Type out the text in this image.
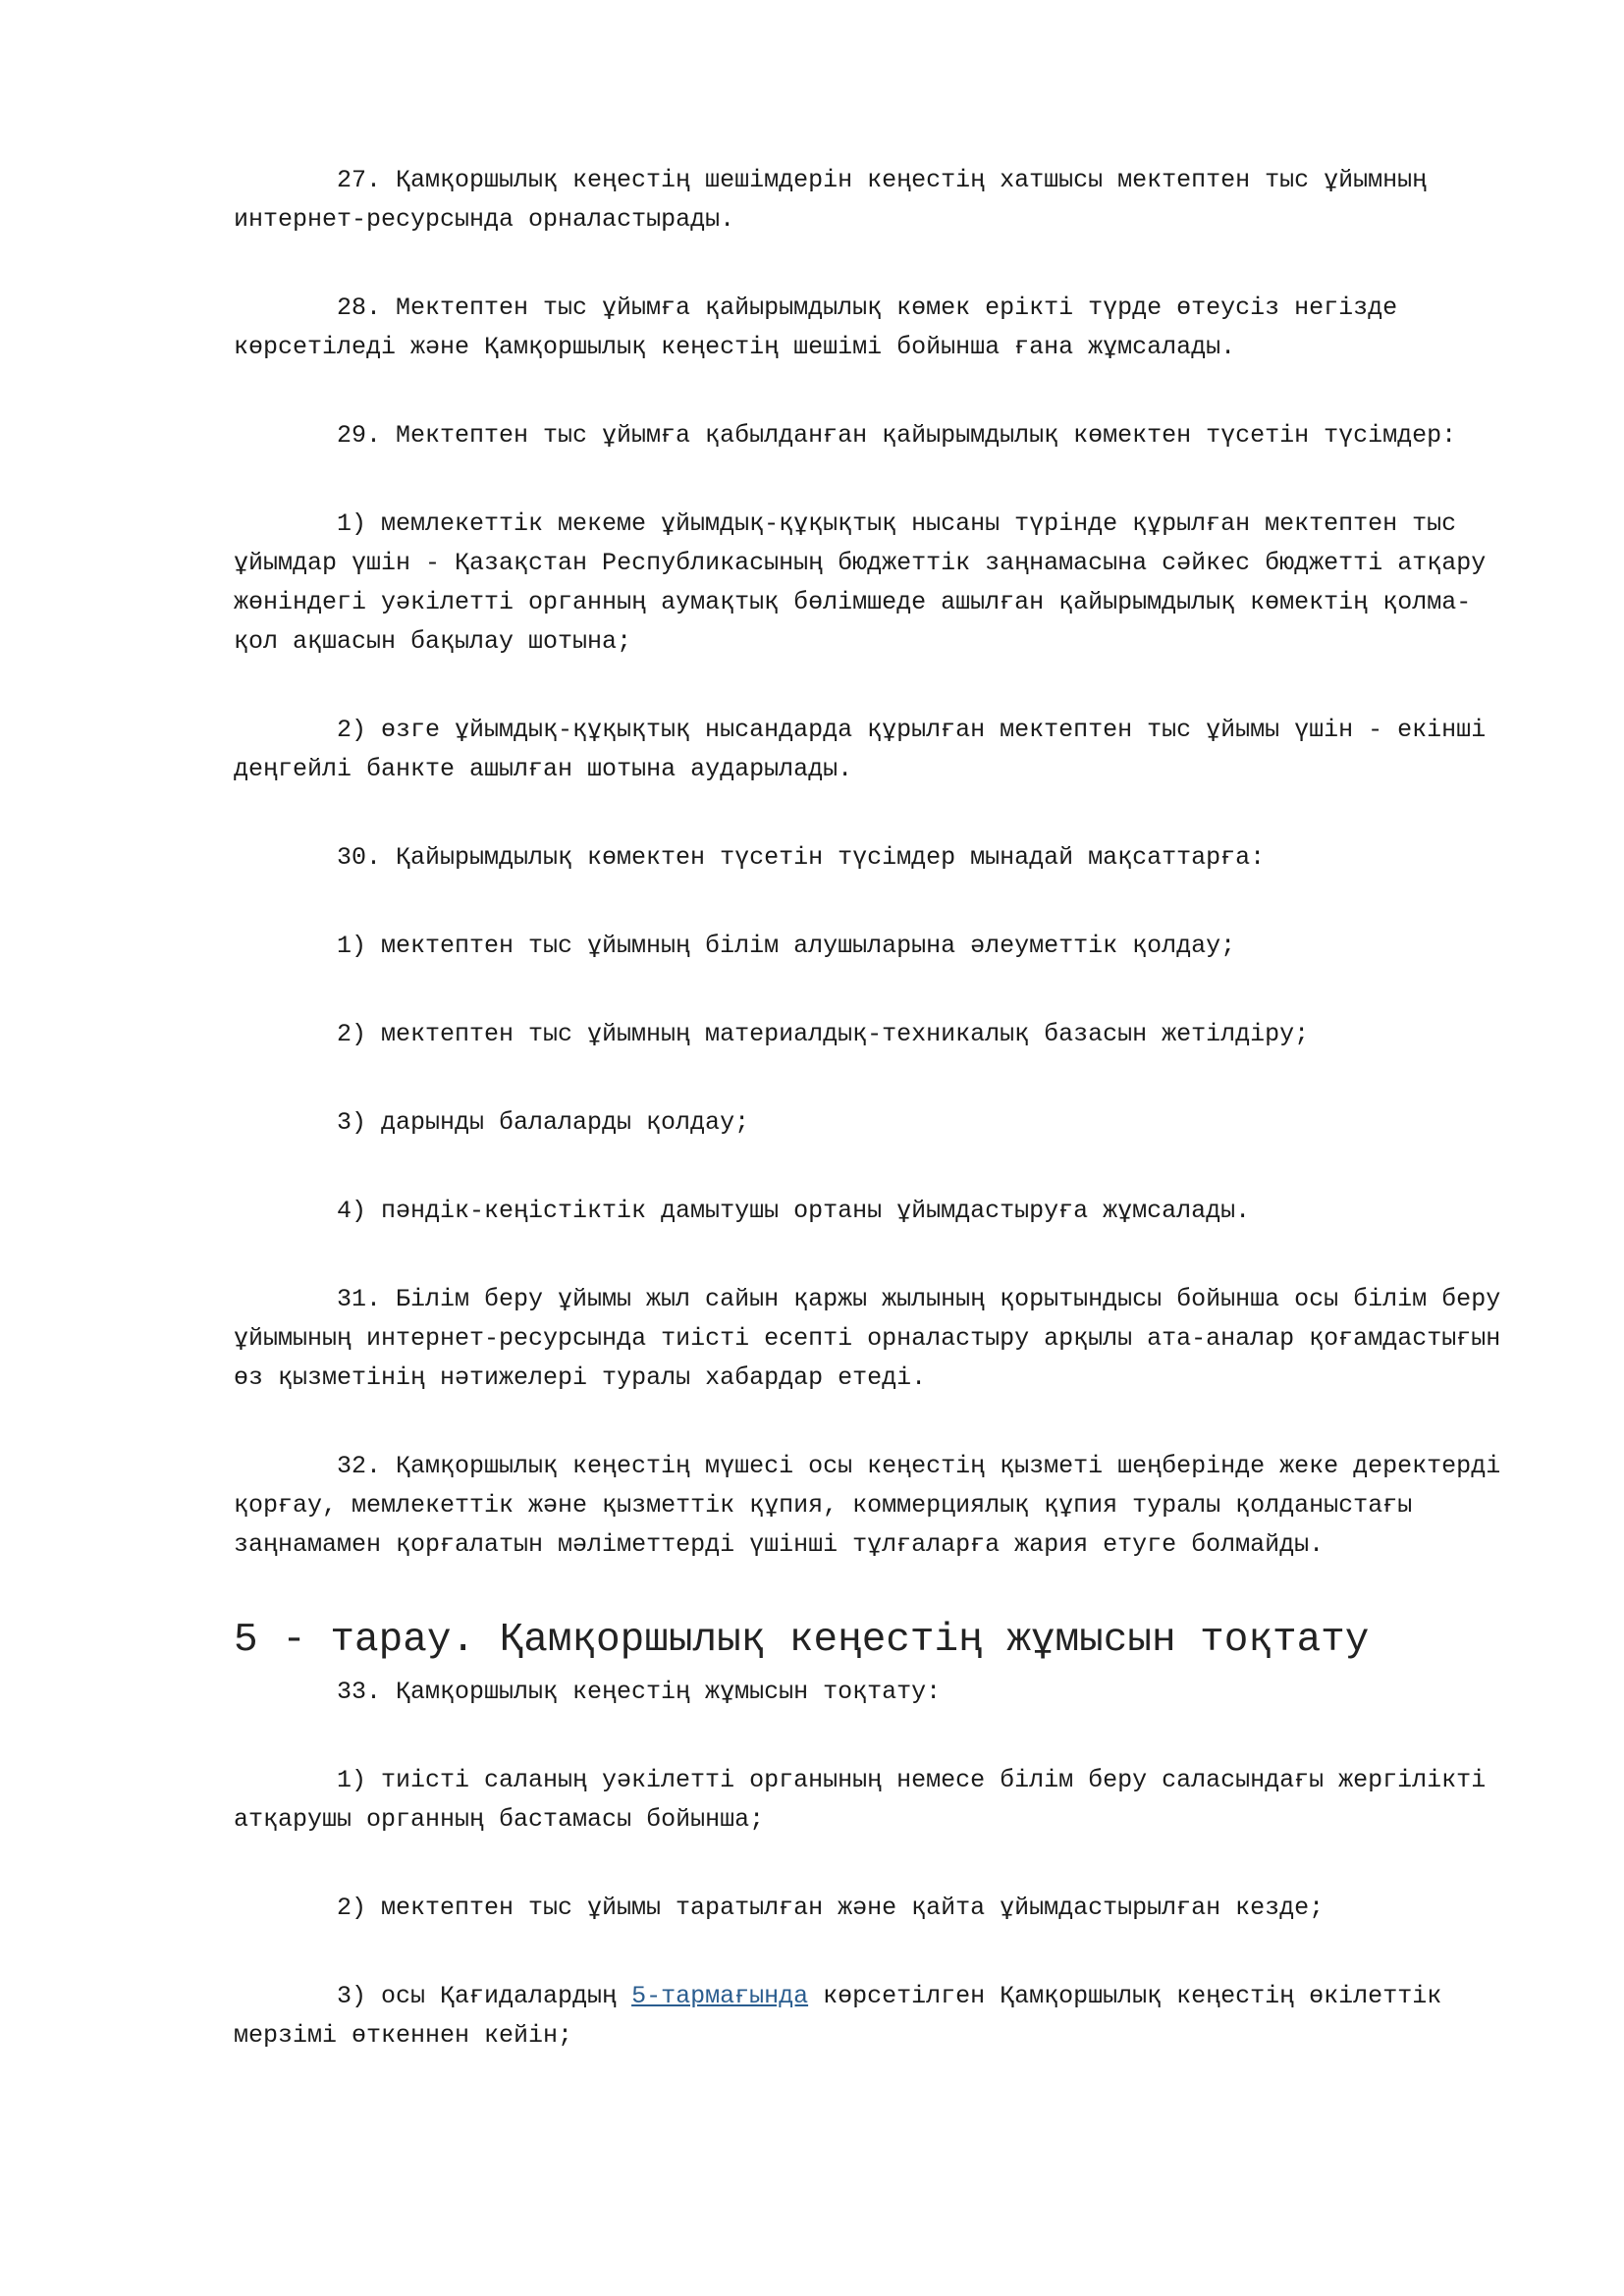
27. Қамқоршылық кеңестің шешімдерін кеңестің хатшысы мектептен тыс ұйымның интернет-ресурсында орналастырады.

28. Мектептен тыс ұйымға қайырымдылық көмек ерікті түрде өтеусіз негізде көрсетіледі және Қамқоршылық кеңестің шешімі бойынша ғана жұмсалады.

29. Мектептен тыс ұйымға қабылданған қайырымдылық көмектен түсетін түсімдер:

1) мемлекеттік мекеме ұйымдық-құқықтық нысаны түрінде құрылған мектептен тыс ұйымдар үшін - Қазақстан Республикасының бюджеттік заңнамасына сәйкес бюджетті атқару жөніндегі уәкілетті органның аумақтық бөлімшеде ашылған қайырымдылық көмектің қолма-қол ақшасын бақылау шотына;

2) өзге ұйымдық-құқықтық нысандарда құрылған мектептен тыс ұйымы үшін - екінші деңгейлі банкте ашылған шотына аударылады.

30. Қайырымдылық көмектен түсетін түсімдер мынадай мақсаттарға:

1) мектептен тыс ұйымның білім алушыларына әлеуметтік қолдау;

2) мектептен тыс ұйымның материалдық-техникалық базасын жетілдіру;

3) дарынды балаларды қолдау;

4) пәндік-кеңістіктік дамытушы ортаны ұйымдастыруға жұмсалады.

31. Білім беру ұйымы жыл сайын қаржы жылының қорытындысы бойынша осы білім беру ұйымының интернет-ресурсында тиісті есепті орналастыру арқылы ата-аналар қоғамдастығын өз қызметінің нәтижелері туралы хабардар етеді.

32. Қамқоршылық кеңестің мүшесі осы кеңестің қызметі шеңберінде жеке деректерді қорғау, мемлекеттік және қызметтік құпия, коммерциялық құпия туралы қолданыстағы заңнамамен қорғалатын мәліметтерді үшінші тұлғаларға жария етуге болмайды.

5 - тарау. Қамқоршылық кеңестің жұмысын тоқтату

33. Қамқоршылық кеңестің жұмысын тоқтату:

1) тиісті саланың уәкілетті органының немесе білім беру саласындағы жергілікті атқарушы органның бастамасы бойынша;

2) мектептен тыс ұйымы таратылған және қайта ұйымдастырылған кезде;

3) осы Қағидалардың 5-тармағында көрсетілген Қамқоршылық кеңестің өкілеттік мерзімі өткеннен кейін;
